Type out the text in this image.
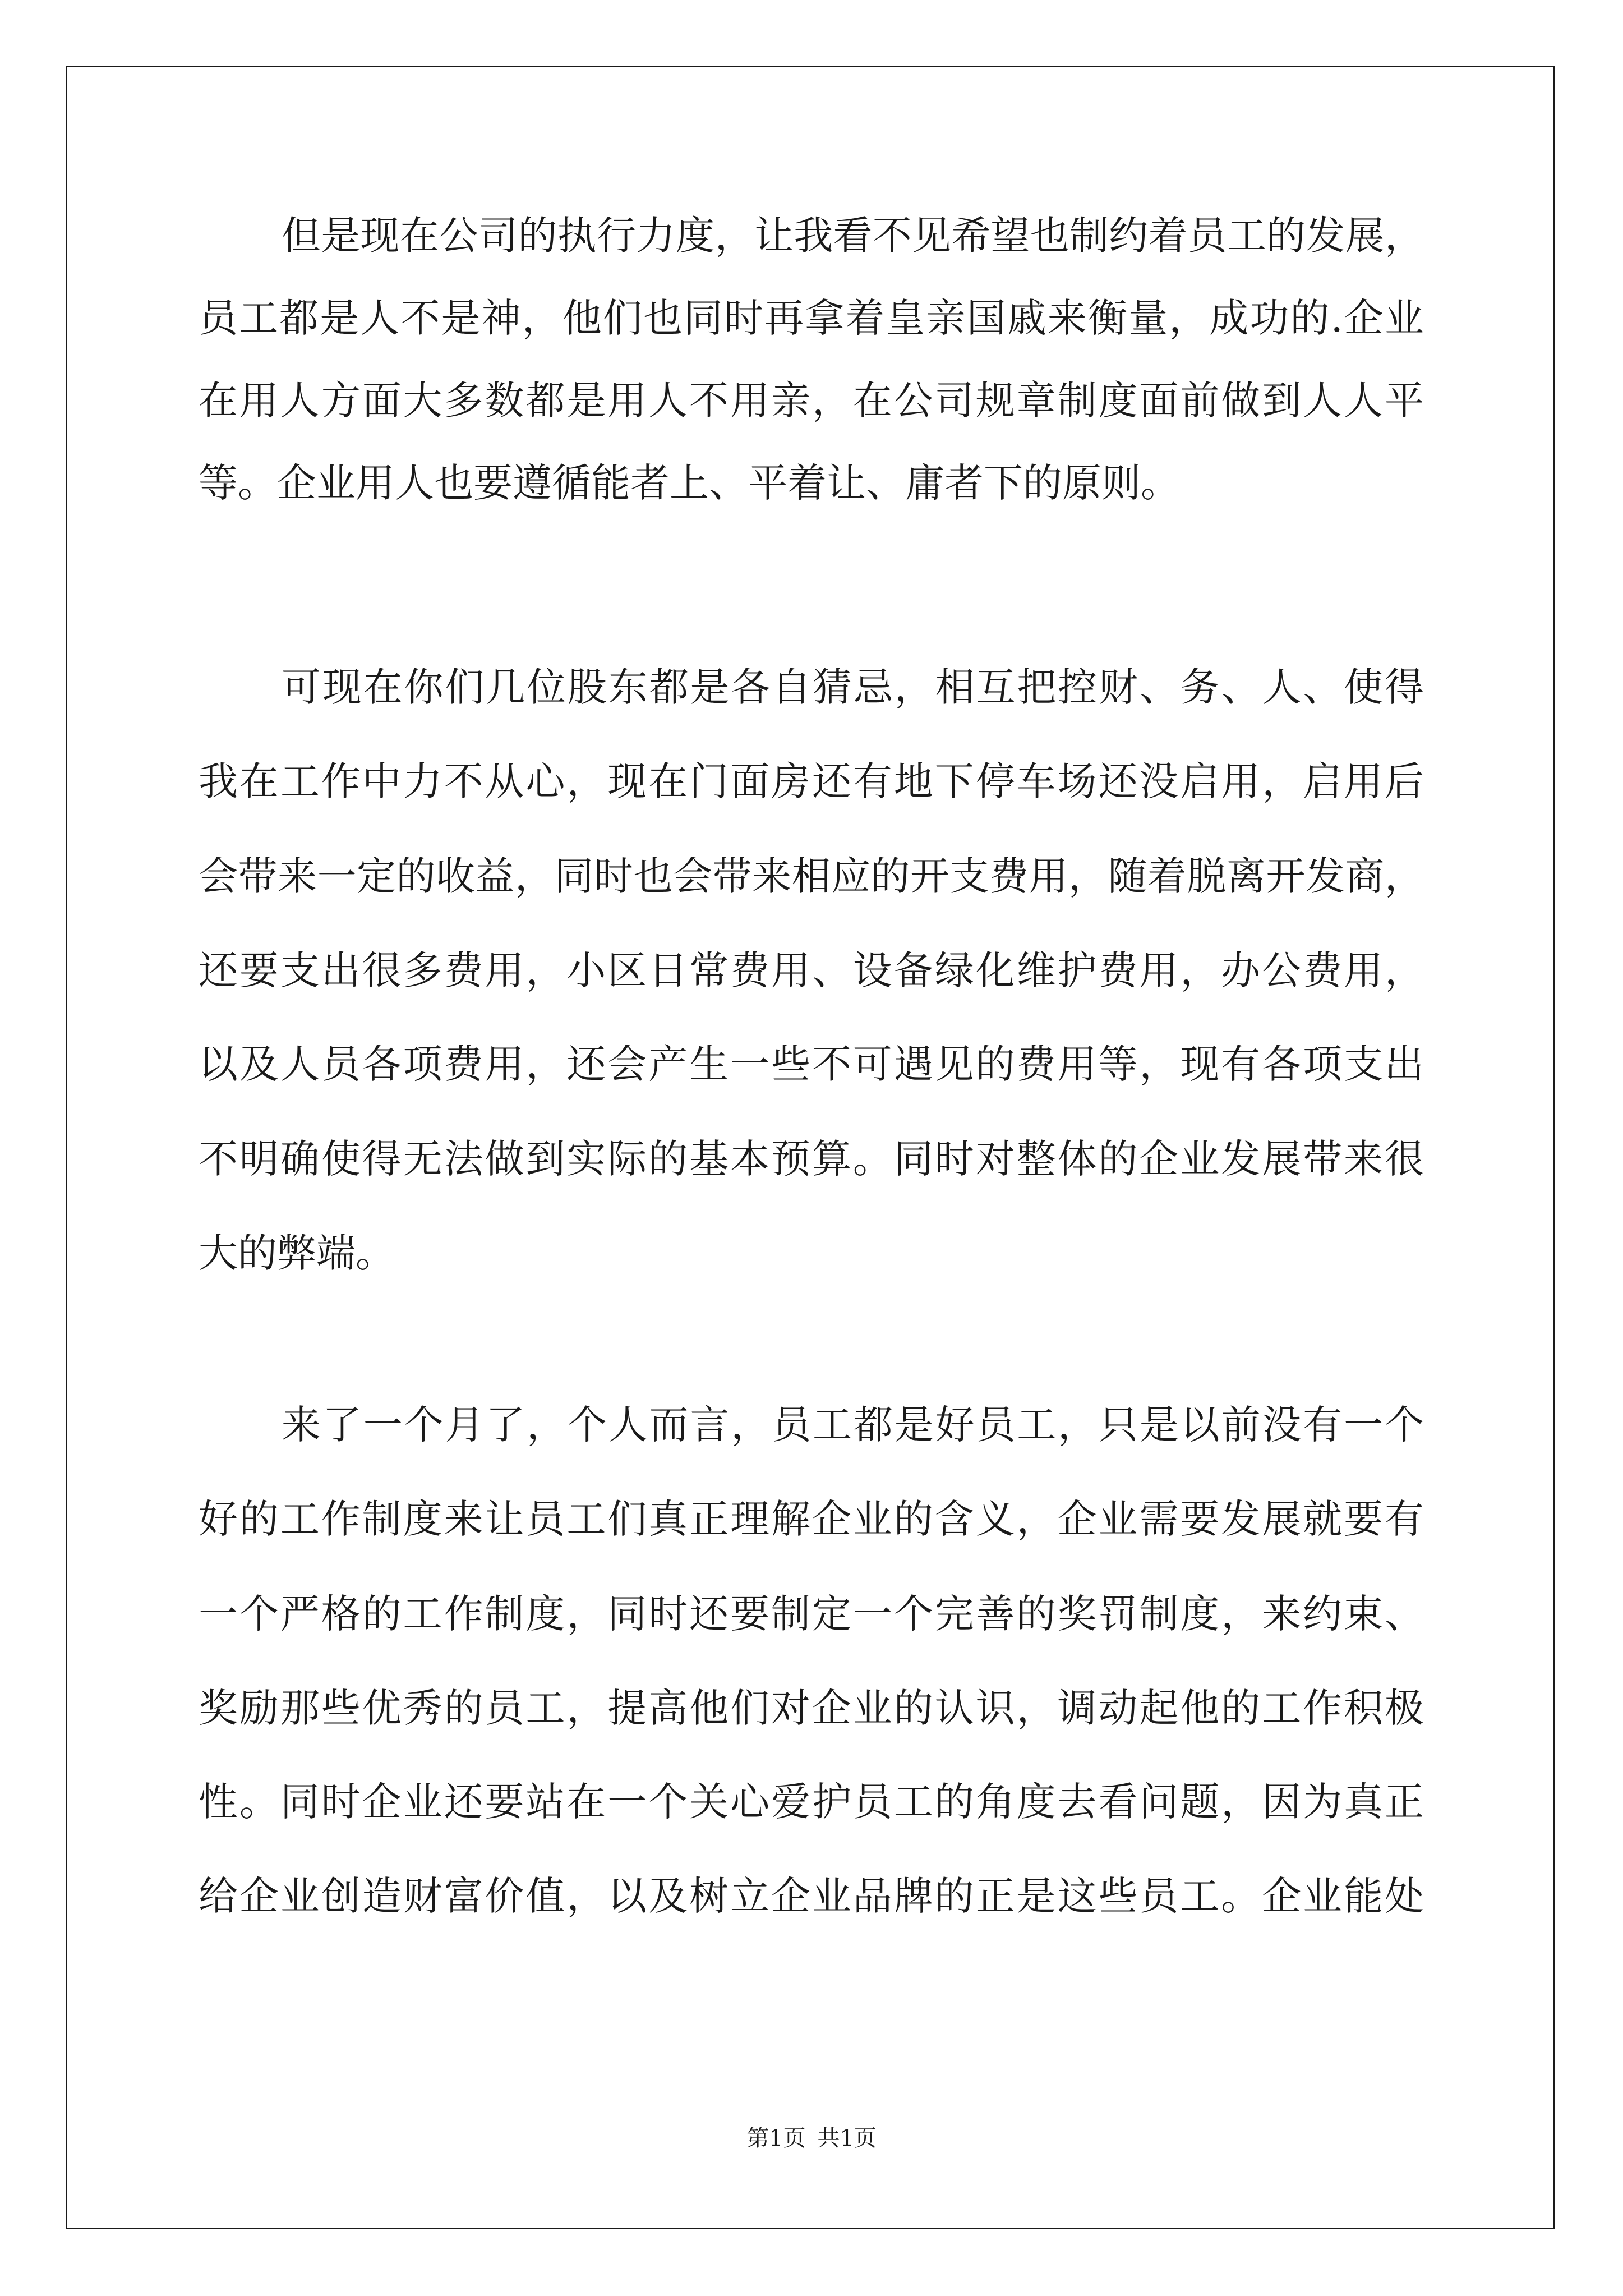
但是现在公司的执行力度，让我看不见希望也制约着员工的发展，
员工都是人不是神，他们也同时再拿着皇亲国戚来衡量，成功的.企业
在用人方面大多数都是用人不用亲，在公司规章制度面前做到人人平
等。企业用人也要遵循能者上、平着让、庸者下的原则。
可现在你们几位股东都是各自猜忌，相互把控财、务、人、使得
我在工作中力不从心，现在门面房还有地下停车场还没启用，启用后
会带来一定的收益，同时也会带来相应的开支费用，随着脱离开发商，
还要支出很多费用，小区日常费用、设备绿化维护费用，办公费用，
以及人员各项费用，还会产生一些不可遇见的费用等，现有各项支出
不明确使得无法做到实际的基本预算。同时对整体的企业发展带来很
大的弊端。
来了一个月了，个人而言，员工都是好员工，只是以前没有一个
好的工作制度来让员工们真正理解企业的含义，企业需要发展就要有
一个严格的工作制度，同时还要制定一个完善的奖罚制度，来约束、
奖励那些优秀的员工，提高他们对企业的认识，调动起他的工作积极
性。同时企业还要站在一个关心爱护员工的角度去看问题，因为真正
给企业创造财富价值，以及树立企业品牌的正是这些员工。企业能处
第1页 共1页
